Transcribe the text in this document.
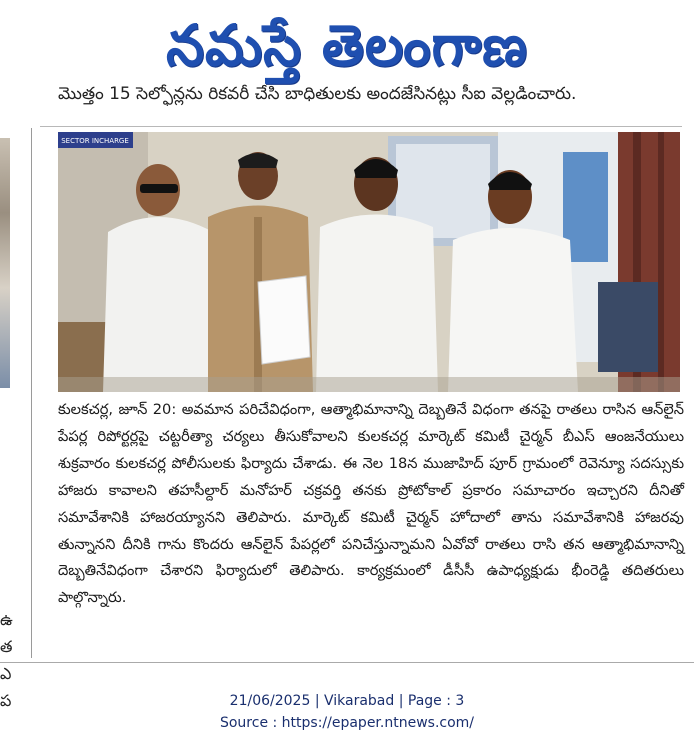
నమస్తే తెలంగాణ
మొత్తం 15 సెల్ఫోన్లను రికవరీ చేసి బాధితులకు అందజేసినట్లు సీఐ వెల్లడించారు.
ఉ
త
ఎ
ప
SECTOR INCHARGE
కులకచర్ల, జూన్ 20: అవమాన పరిచేవిధంగా, ఆత్మాభిమానాన్ని దెబ్బతినే విధంగా తనపై రాతలు రాసిన ఆన్‌లైన్ పేపర్ల రిపోర్టర్లపై చట్టరీత్యా చర్యలు తీసుకోవాలని కులకచర్ల మార్కెట్ కమిటీ చైర్మన్ బీఎస్ ఆంజనేయులు శుక్రవారం కులకచర్ల పోలీసులకు ఫిర్యాదు చేశాడు. ఈ నెల 18న ముజాహిద్ పూర్ గ్రామంలో రెవెన్యూ సదస్సుకు హాజరు కావాలని తహసీల్దార్ మనోహర్ చక్రవర్తి తనకు ప్రోటోకాల్ ప్రకారం సమాచారం ఇచ్చారని దీనితో సమావేశానికి హాజరయ్యానని తెలిపారు. మార్కెట్ కమిటీ చైర్మన్ హోదాలో తాను సమావేశానికి హాజరవు తున్నానని దీనికి గాను కొందరు ఆన్‌లైన్ పేపర్లలో పనిచేస్తున్నామని ఏవోవో రాతలు రాసి తన ఆత్మాభిమానాన్ని దెబ్బతినేవిధంగా చేశారని ఫిర్యాదులో తెలిపారు. కార్యక్రమంలో డీసీసీ ఉపాధ్యక్షుడు భీంరెడ్డి తదితరులు పాల్గొన్నారు.
21/06/2025 | Vikarabad | Page : 3
Source : https://epaper.ntnews.com/
